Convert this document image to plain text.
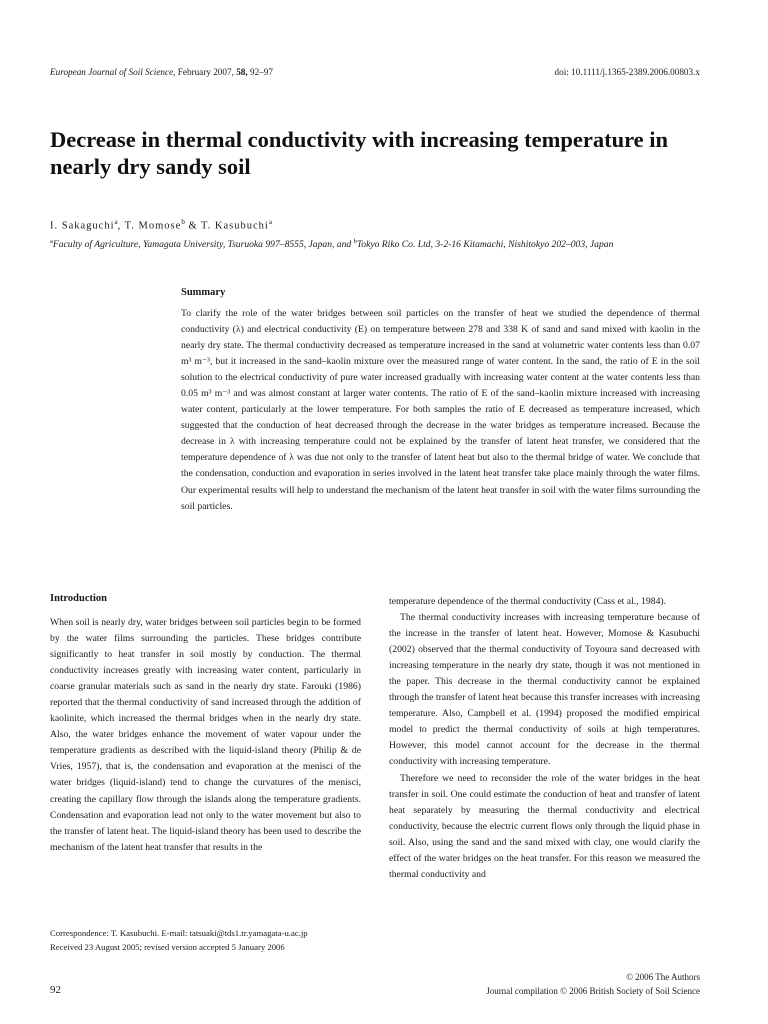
European Journal of Soil Science, February 2007, 58, 92–97	doi: 10.1111/j.1365-2389.2006.00803.x
Decrease in thermal conductivity with increasing temperature in nearly dry sandy soil
I. Sakaguchi$^a$, T. Momose$^b$ & T. Kasubuchi$^a$
$^a$Faculty of Agriculture, Yamagata University, Tsuruoka 997–8555, Japan, and $^b$Tokyo Riko Co. Ltd, 3-2-16 Kitamachi, Nishitokyo 202–003, Japan
Summary

To clarify the role of the water bridges between soil particles on the transfer of heat we studied the dependence of thermal conductivity (λ) and electrical conductivity (E) on temperature between 278 and 338 K of sand and sand mixed with kaolin in the nearly dry state. The thermal conductivity decreased as temperature increased in the sand at volumetric water contents less than 0.07 m³ m⁻³, but it increased in the sand–kaolin mixture over the measured range of water content. In the sand, the ratio of E in the soil solution to the electrical conductivity of pure water increased gradually with increasing water content at the water contents less than 0.05 m³ m⁻³ and was almost constant at larger water contents. The ratio of E of the sand–kaolin mixture increased with increasing water content, particularly at the lower temperature. For both samples the ratio of E decreased as temperature increased, which suggested that the conduction of heat decreased through the decrease in the water bridges as temperature increased. Because the decrease in λ with increasing temperature could not be explained by the transfer of latent heat transfer, we considered that the temperature dependence of λ was due not only to the transfer of latent heat but also to the thermal bridge of water. We conclude that the condensation, conduction and evaporation in series involved in the latent heat transfer take place mainly through the water films. Our experimental results will help to understand the mechanism of the latent heat transfer in soil with the water films surrounding the soil particles.

Introduction

When soil is nearly dry, water bridges between soil particles begin to be formed by the water films surrounding the particles. These bridges contribute significantly to heat transfer in soil mostly by conduction. The thermal conductivity increases greatly with increasing water content, particularly in coarse granular materials such as sand in the nearly dry state. Farouki (1986) reported that the thermal conductivity of sand increased through the addition of kaolinite, which increased the thermal bridges when in the nearly dry state. Also, the water bridges enhance the movement of water vapour under the temperature gradients as described with the liquid-island theory (Philip & de Vries, 1957), that is, the condensation and evaporation at the menisci of the water bridges (liquid-island) tend to change the curvatures of the menisci, creating the capillary flow through the islands along the temperature gradients. Condensation and evaporation lead not only to the water movement but also to the transfer of latent heat. The liquid-island theory has been used to describe the mechanism of the latent heat transfer that results in the

temperature dependence of the thermal conductivity (Cass et al., 1984).

The thermal conductivity increases with increasing temperature because of the increase in the transfer of latent heat. However, Momose & Kasubuchi (2002) observed that the thermal conductivity of Toyoura sand decreased with increasing temperature in the nearly dry state, though it was not mentioned in the paper. This decrease in the thermal conductivity cannot be explained through the transfer of latent heat because this transfer increases with increasing temperature. Also, Campbell et al. (1994) proposed the modified empirical model to predict the thermal conductivity of soils at high temperatures. However, this model cannot account for the decrease in the thermal conductivity with increasing temperature.

Therefore we need to reconsider the role of the water bridges in the heat transfer in soil. One could estimate the conduction of heat and transfer of latent heat separately by measuring the thermal conductivity and electrical conductivity, because the electric current flows only through the liquid phase in soil. Also, using the sand and the sand mixed with clay, one would clarify the effect of the water bridges on the heat transfer. For this reason we measured the thermal conductivity and

Correspondence: T. Kasubuchi. E-mail: tatsuaki@tds1.tr.yamagata-u.ac.jp
Received 23 August 2005; revised version accepted 5 January 2006
92
© 2006 The Authors
Journal compilation © 2006 British Society of Soil Science
